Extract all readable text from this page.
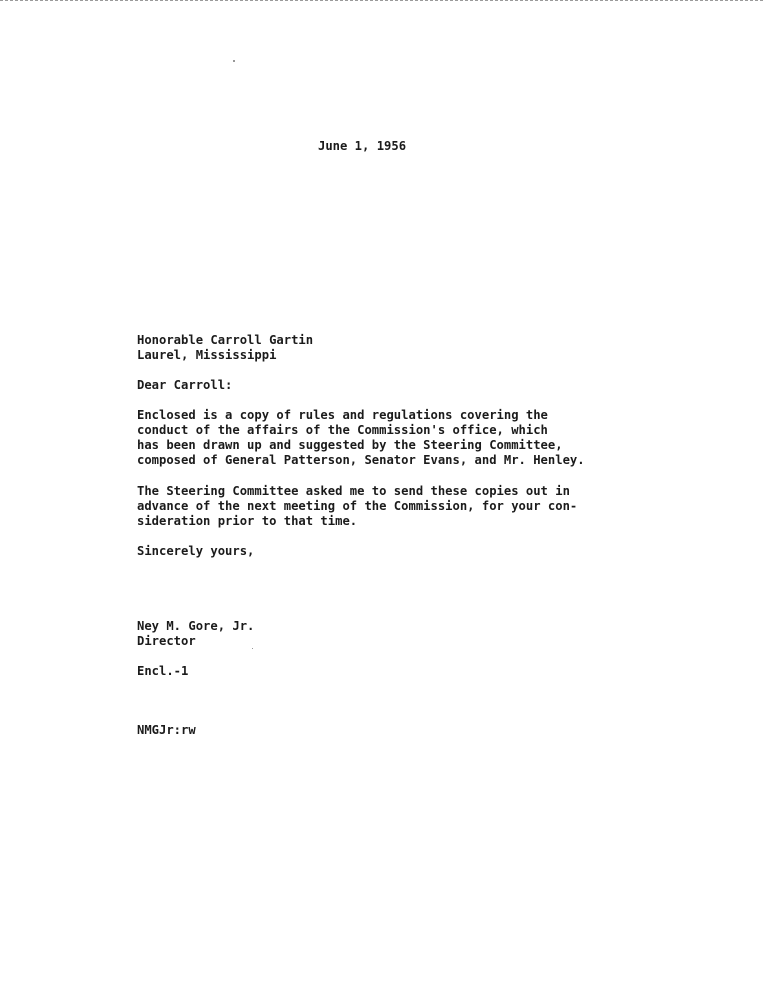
June 1, 1956
Honorable Carroll Gartin
Laurel, Mississippi
Dear Carroll:
Enclosed is a copy of rules and regulations covering the
conduct of the affairs of the Commission's office, which
has been drawn up and suggested by the Steering Committee,
composed of General Patterson, Senator Evans, and Mr. Henley.
The Steering Committee asked me to send these copies out in
advance of the next meeting of the Commission, for your con-
sideration prior to that time.
Sincerely yours,
Ney M. Gore, Jr.
Director
Encl.-1
NMGJr:rw
